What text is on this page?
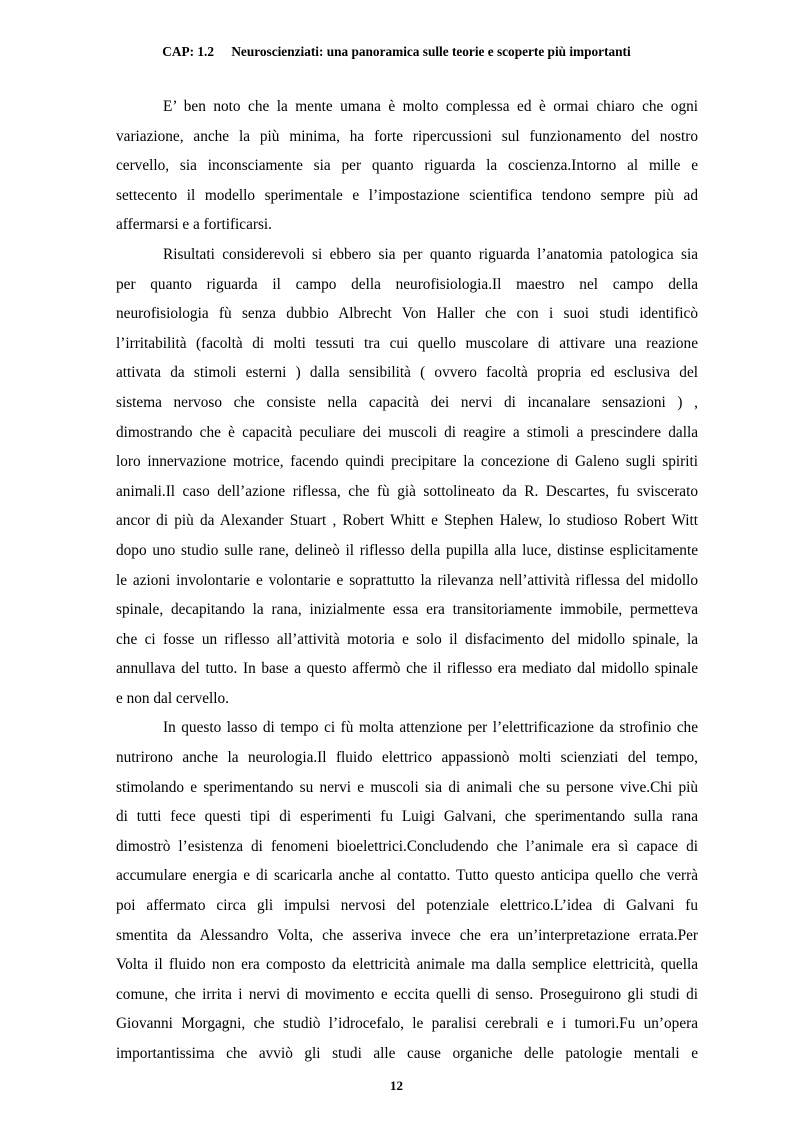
CAP: 1.2 Neuroscienziati: una panoramica sulle teorie e scoperte più importanti
E’ ben noto che la mente umana è molto complessa ed è ormai chiaro che ogni
variazione, anche la più minima, ha forte ripercussioni sul funzionamento del nostro
cervello, sia inconsciamente sia per quanto riguarda la coscienza.Intorno al mille e
settecento il modello sperimentale e l’impostazione scientifica tendono sempre più ad
affermarsi e a fortificarsi.
Risultati considerevoli si ebbero sia per quanto riguarda l’anatomia patologica sia
per quanto riguarda il campo della neurofisiologia.Il maestro nel campo della
neurofisiologia fù senza dubbio Albrecht Von Haller che con i suoi studi identificò
l’irritabilità (facoltà di molti tessuti tra cui quello muscolare di attivare una reazione
attivata da stimoli esterni ) dalla sensibilità ( ovvero facoltà propria ed esclusiva del
sistema nervoso che consiste nella capacità dei nervi di incanalare sensazioni ) ,
dimostrando che è capacità peculiare dei muscoli di reagire a stimoli a prescindere dalla
loro innervazione motrice, facendo quindi precipitare la concezione di Galeno sugli spiriti
animali.Il caso dell’azione riflessa, che fù già sottolineato da R. Descartes, fu sviscerato
ancor di più da Alexander Stuart , Robert Whitt e Stephen Halew, lo studioso Robert Witt
dopo uno studio sulle rane, delineò il riflesso della pupilla alla luce, distinse esplicitamente
le azioni involontarie e volontarie e soprattutto la rilevanza nell’attività riflessa del midollo
spinale, decapitando la rana, inizialmente essa era transitoriamente immobile, permetteva
che ci fosse un riflesso all’attività motoria e solo il disfacimento del midollo spinale, la
annullava del tutto. In base a questo affermò che il riflesso era mediato dal midollo spinale
e non dal cervello.
In questo lasso di tempo ci fù molta attenzione per l’elettrificazione da strofinio che
nutrirono anche la neurologia.Il fluido elettrico appassionò molti scienziati del tempo,
stimolando e sperimentando su nervi e muscoli sia di animali che su persone vive.Chi più
di tutti fece questi tipi di esperimenti fu Luigi Galvani, che sperimentando sulla rana
dimostrò l’esistenza di fenomeni bioelettrici.Concludendo che l’animale era sì capace di
accumulare energia e di scaricarla anche al contatto. Tutto questo anticipa quello che verrà
poi affermato circa gli impulsi nervosi del potenziale elettrico.L’idea di Galvani fu
smentita da Alessandro Volta, che asseriva invece che era un’interpretazione errata.Per
Volta il fluido non era composto da elettricità animale ma dalla semplice elettricità, quella
comune, che irrita i nervi di movimento e eccita quelli di senso. Proseguirono gli studi di
Giovanni Morgagni, che studiò l’idrocefalo, le paralisi cerebrali e i tumori.Fu un’opera
importantissima che avviò gli studi alle cause organiche delle patologie mentali e
12
